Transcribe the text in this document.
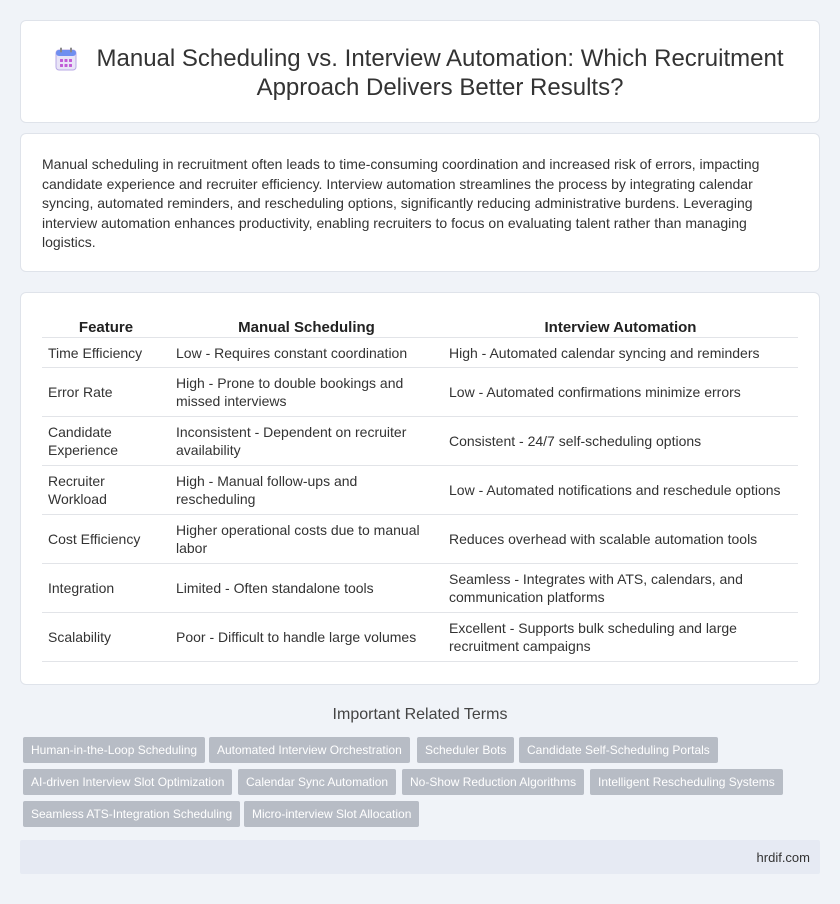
Manual Scheduling vs. Interview Automation: Which Recruitment Approach Delivers Better Results?

Manual scheduling in recruitment often leads to time-consuming coordination and increased risk of errors, impacting candidate experience and recruiter efficiency. Interview automation streamlines the process by integrating calendar syncing, automated reminders, and rescheduling options, significantly reducing administrative burdens. Leveraging interview automation enhances productivity, enabling recruiters to focus on evaluating talent rather than managing logistics.

Feature	Manual Scheduling	Interview Automation
Time Efficiency	Low - Requires constant coordination	High - Automated calendar syncing and reminders
Error Rate	High - Prone to double bookings and missed interviews	Low - Automated confirmations minimize errors
Candidate Experience	Inconsistent - Dependent on recruiter availability	Consistent - 24/7 self-scheduling options
Recruiter Workload	High - Manual follow-ups and rescheduling	Low - Automated notifications and reschedule options
Cost Efficiency	Higher operational costs due to manual labor	Reduces overhead with scalable automation tools
Integration	Limited - Often standalone tools	Seamless - Integrates with ATS, calendars, and communication platforms
Scalability	Poor - Difficult to handle large volumes	Excellent - Supports bulk scheduling and large recruitment campaigns
Important Related Terms
Human-in-the-Loop Scheduling	Automated Interview Orchestration	Scheduler Bots	Candidate Self-Scheduling Portals
AI-driven Interview Slot Optimization	Calendar Sync Automation	No-Show Reduction Algorithms	Intelligent Rescheduling Systems
Seamless ATS-Integration Scheduling	Micro-interview Slot Allocation
hrdif.com
